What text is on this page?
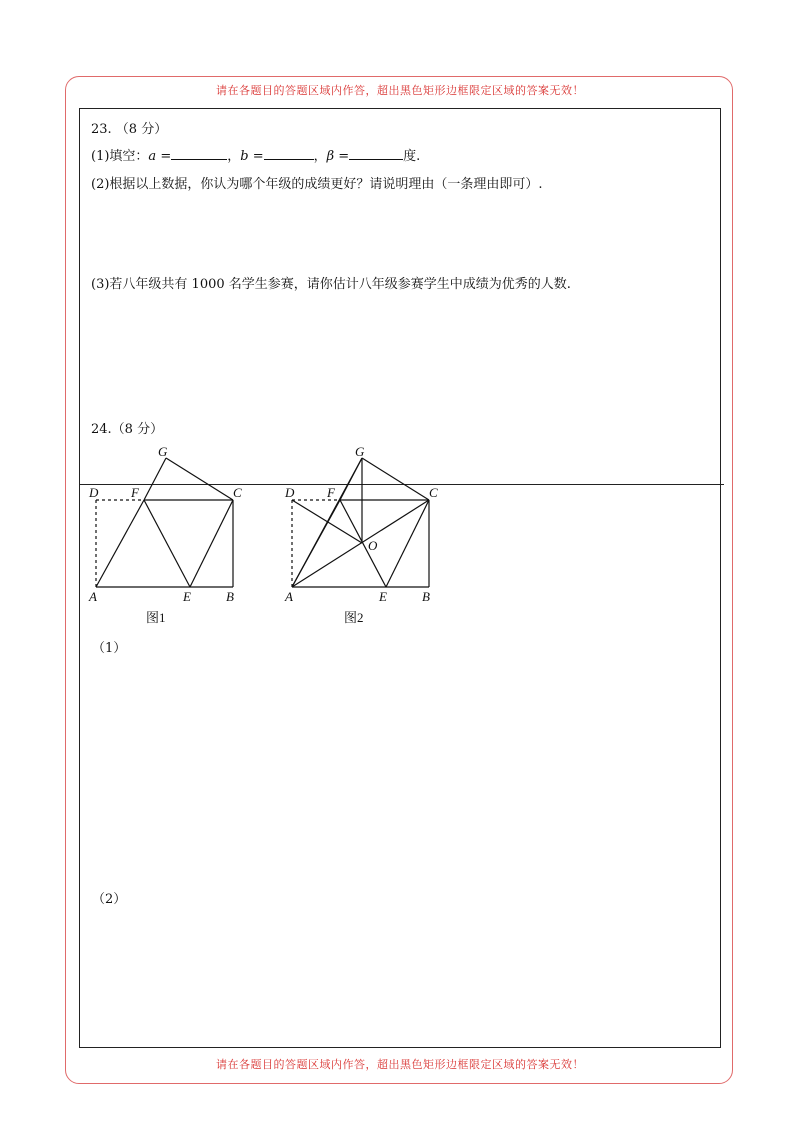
请在各题目的答题区域内作答，超出黑色矩形边框限定区域的答案无效！
请在各题目的答题区域内作答，超出黑色矩形边框限定区域的答案无效！
23. （8 分）
(1)填空：a =	，b =	，β =	度.
(2)根据以上数据，你认为哪个年级的成绩更好？请说明理由（一条理由即可）.
(3)若八年级共有 1000 名学生参赛，请你估计八年级参赛学生中成绩为优秀的人数.
24.（8 分）
G
D	F	C
A	E	B
图1
G
D	F	C
O
A	E	B
图2
（1）
（2）
